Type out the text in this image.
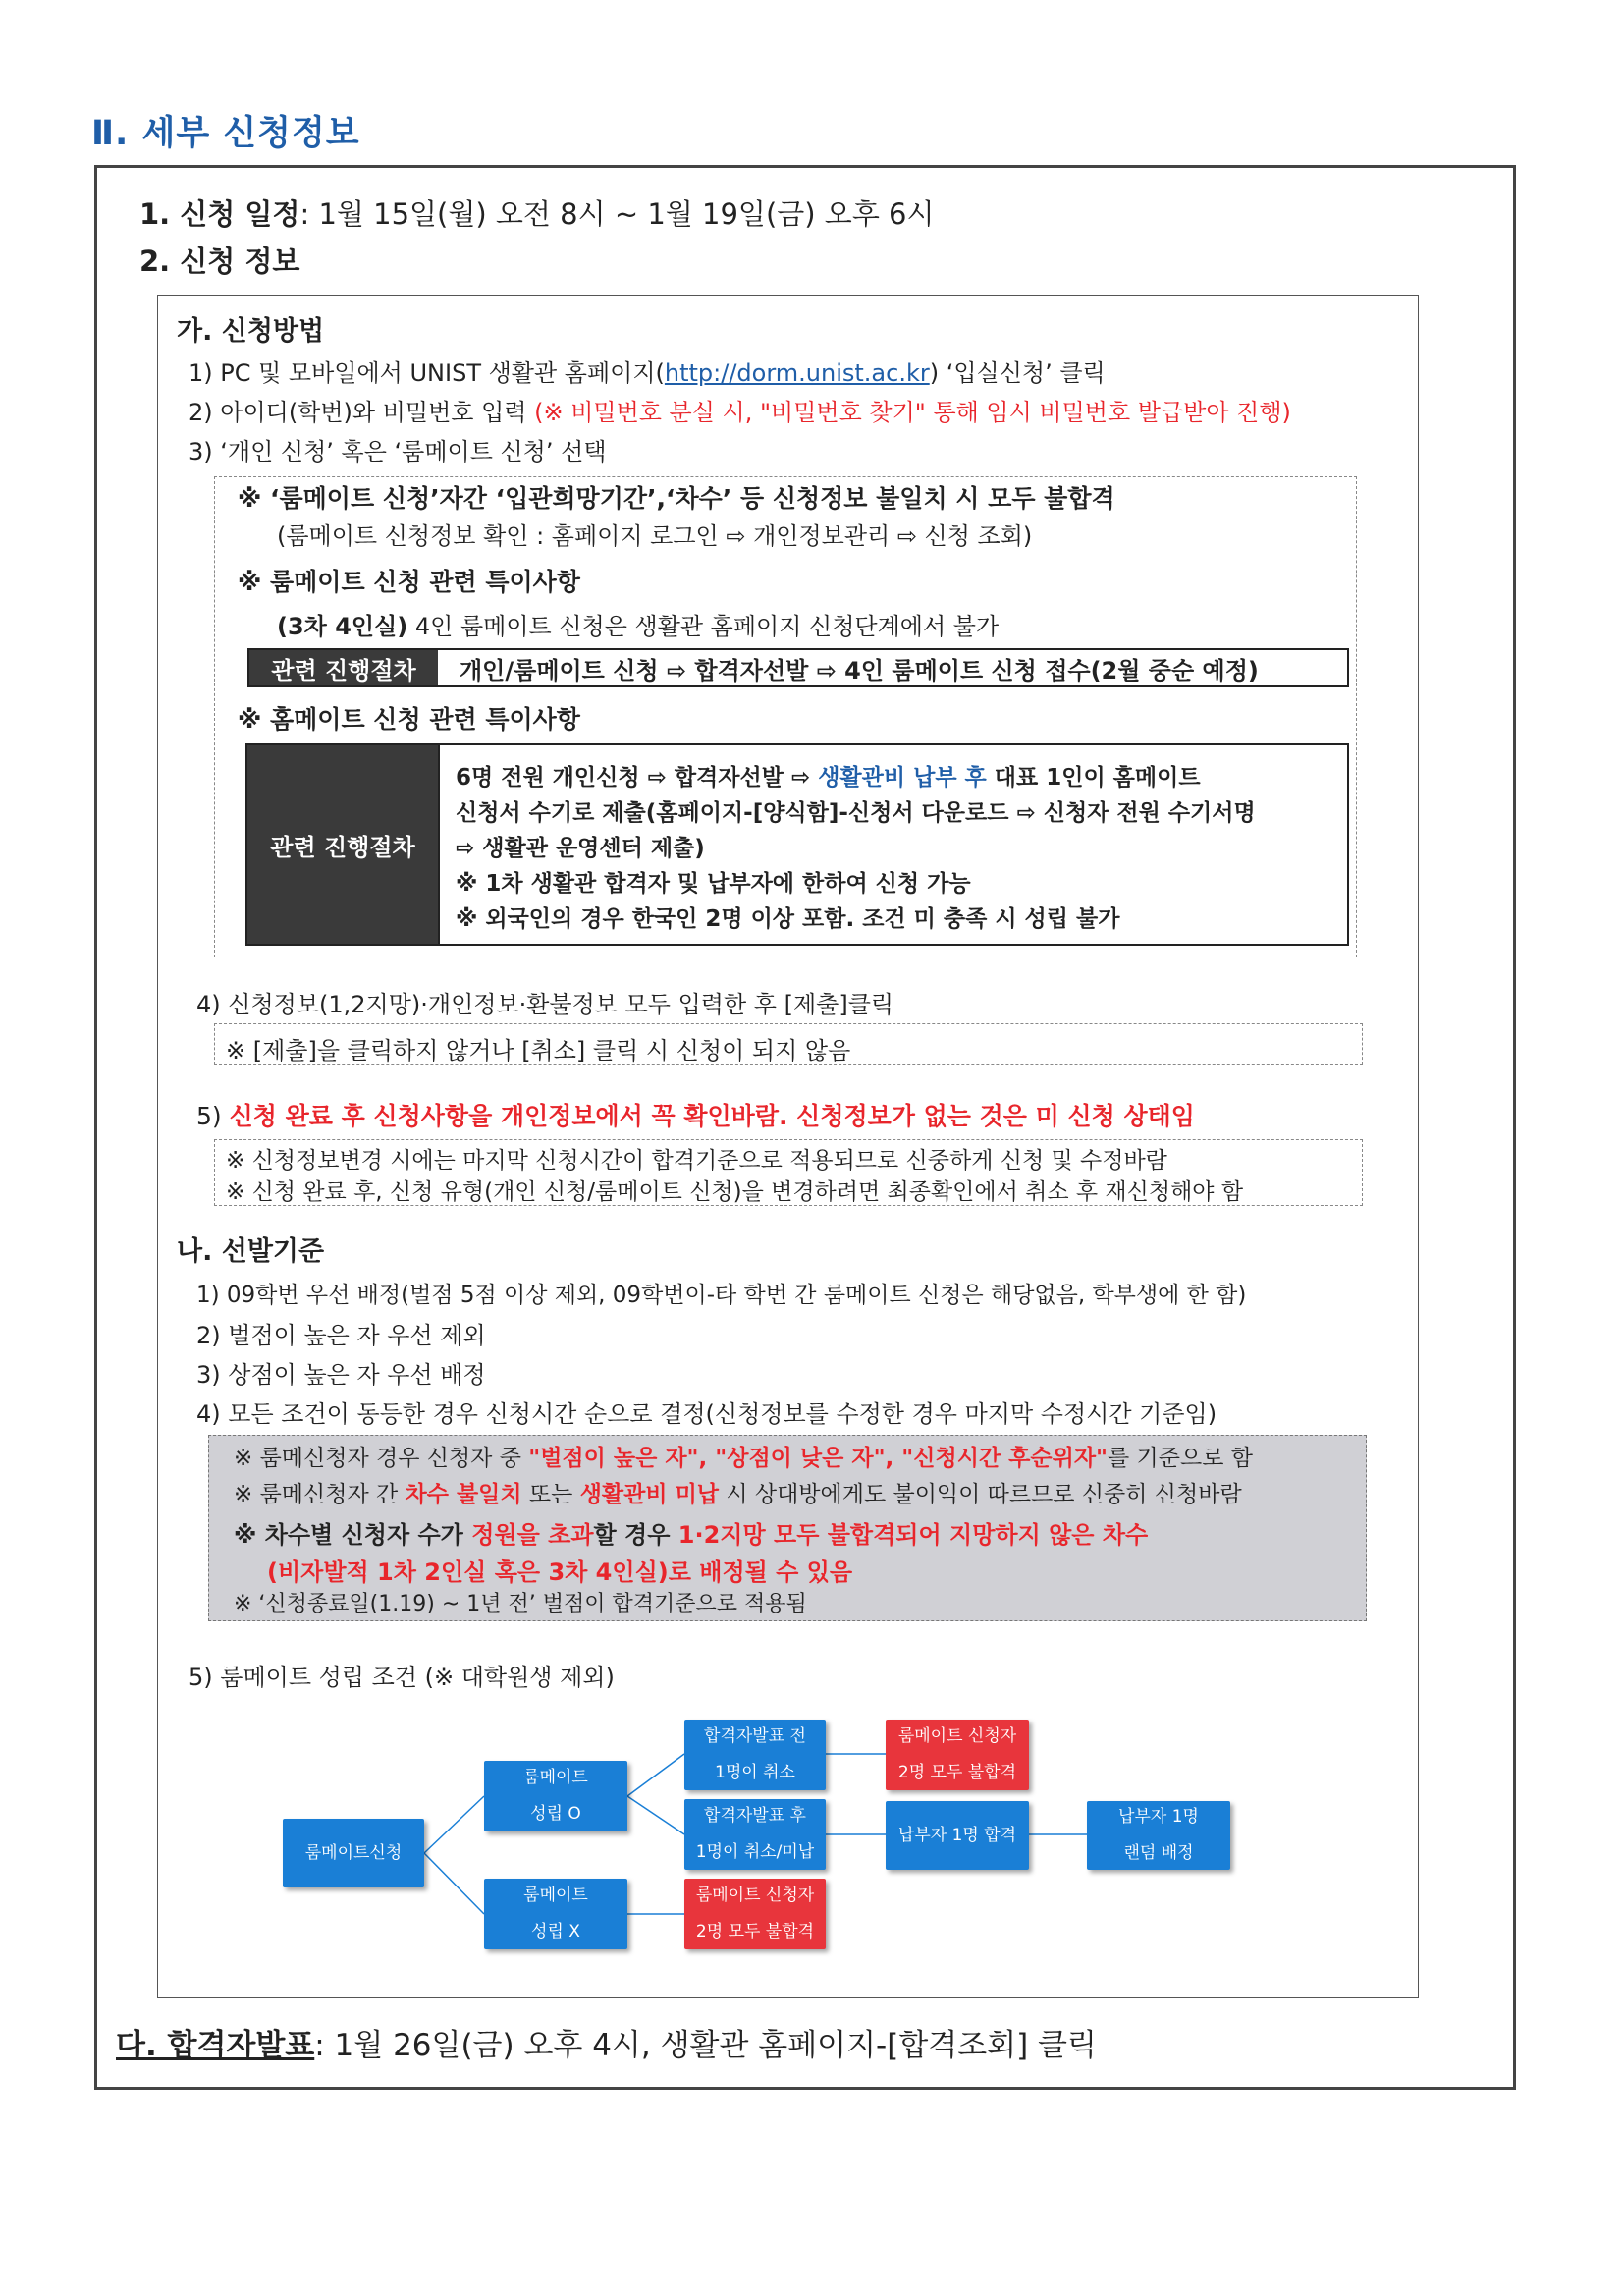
Ⅱ. 세부 신청정보
1. 신청 일정: 1월 15일(월) 오전 8시 ~ 1월 19일(금) 오후 6시
2. 신청 정보
가. 신청방법
1) PC 및 모바일에서 UNIST 생활관 홈페이지(http://dorm.unist.ac.kr) ‘입실신청’ 클릭
2) 아이디(학번)와 비밀번호 입력 (※ 비밀번호 분실 시, "비밀번호 찾기" 통해 임시 비밀번호 발급받아 진행)
3) ‘개인 신청’ 혹은 ‘룸메이트 신청’ 선택
※ ‘룸메이트 신청’자간 ‘입관희망기간’,‘차수’ 등 신청정보 불일치 시 모두 불합격
(룸메이트 신청정보 확인 : 홈페이지 로그인 ⇨ 개인정보관리 ⇨ 신청 조회)
※ 룸메이트 신청 관련 특이사항
(3차 4인실) 4인 룸메이트 신청은 생활관 홈페이지 신청단계에서 불가
관련 진행절차	개인/룸메이트 신청 ⇨ 합격자선발 ⇨ 4인 룸메이트 신청 접수(2월 중순 예정)
※ 홈메이트 신청 관련 특이사항
관련 진행절차
6명 전원 개인신청 ⇨ 합격자선발 ⇨ 생활관비 납부 후 대표 1인이 홈메이트
신청서 수기로 제출(홈페이지-[양식함]-신청서 다운로드 ⇨ 신청자 전원 수기서명
⇨ 생활관 운영센터 제출)
※ 1차 생활관 합격자 및 납부자에 한하여 신청 가능
※ 외국인의 경우 한국인 2명 이상 포함. 조건 미 충족 시 성립 불가
4) 신청정보(1,2지망)·개인정보·환불정보 모두 입력한 후 [제출]클릭
※ [제출]을 클릭하지 않거나 [취소] 클릭 시 신청이 되지 않음
5) 신청 완료 후 신청사항을 개인정보에서 꼭 확인바람. 신청정보가 없는 것은 미 신청 상태임
※ 신청정보변경 시에는 마지막 신청시간이 합격기준으로 적용되므로 신중하게 신청 및 수정바람
※ 신청 완료 후, 신청 유형(개인 신청/룸메이트 신청)을 변경하려면 최종확인에서 취소 후 재신청해야 함
나. 선발기준
1) 09학번 우선 배정(벌점 5점 이상 제외, 09학번이-타 학번 간 룸메이트 신청은 해당없음, 학부생에 한 함)
2) 벌점이 높은 자 우선 제외
3) 상점이 높은 자 우선 배정
4) 모든 조건이 동등한 경우 신청시간 순으로 결정(신청정보를 수정한 경우 마지막 수정시간 기준임)
※ 룸메신청자 경우 신청자 중 "벌점이 높은 자", "상점이 낮은 자", "신청시간 후순위자"를 기준으로 함
※ 룸메신청자 간 차수 불일치 또는 생활관비 미납 시 상대방에게도 불이익이 따르므로 신중히 신청바람
※ 차수별 신청자 수가 정원을 초과할 경우 1·2지망 모두 불합격되어 지망하지 않은 차수
(비자발적 1차 2인실 혹은 3차 4인실)로 배정될 수 있음
※ ‘신청종료일(1.19) ~ 1년 전’ 벌점이 합격기준으로 적용됨
5) 룸메이트 성립 조건 (※ 대학원생 제외)
룸메이트신청
룸메이트
성립 O
룸메이트
성립 X
합격자발표 전
1명이 취소
합격자발표 후
1명이 취소/미납
룸메이트 신청자
2명 모두 불합격
납부자 1명 합격
납부자 1명
랜덤 배정
룸메이트 신청자
2명 모두 불합격
다. 합격자발표: 1월 26일(금) 오후 4시, 생활관 홈페이지-[합격조회] 클릭
